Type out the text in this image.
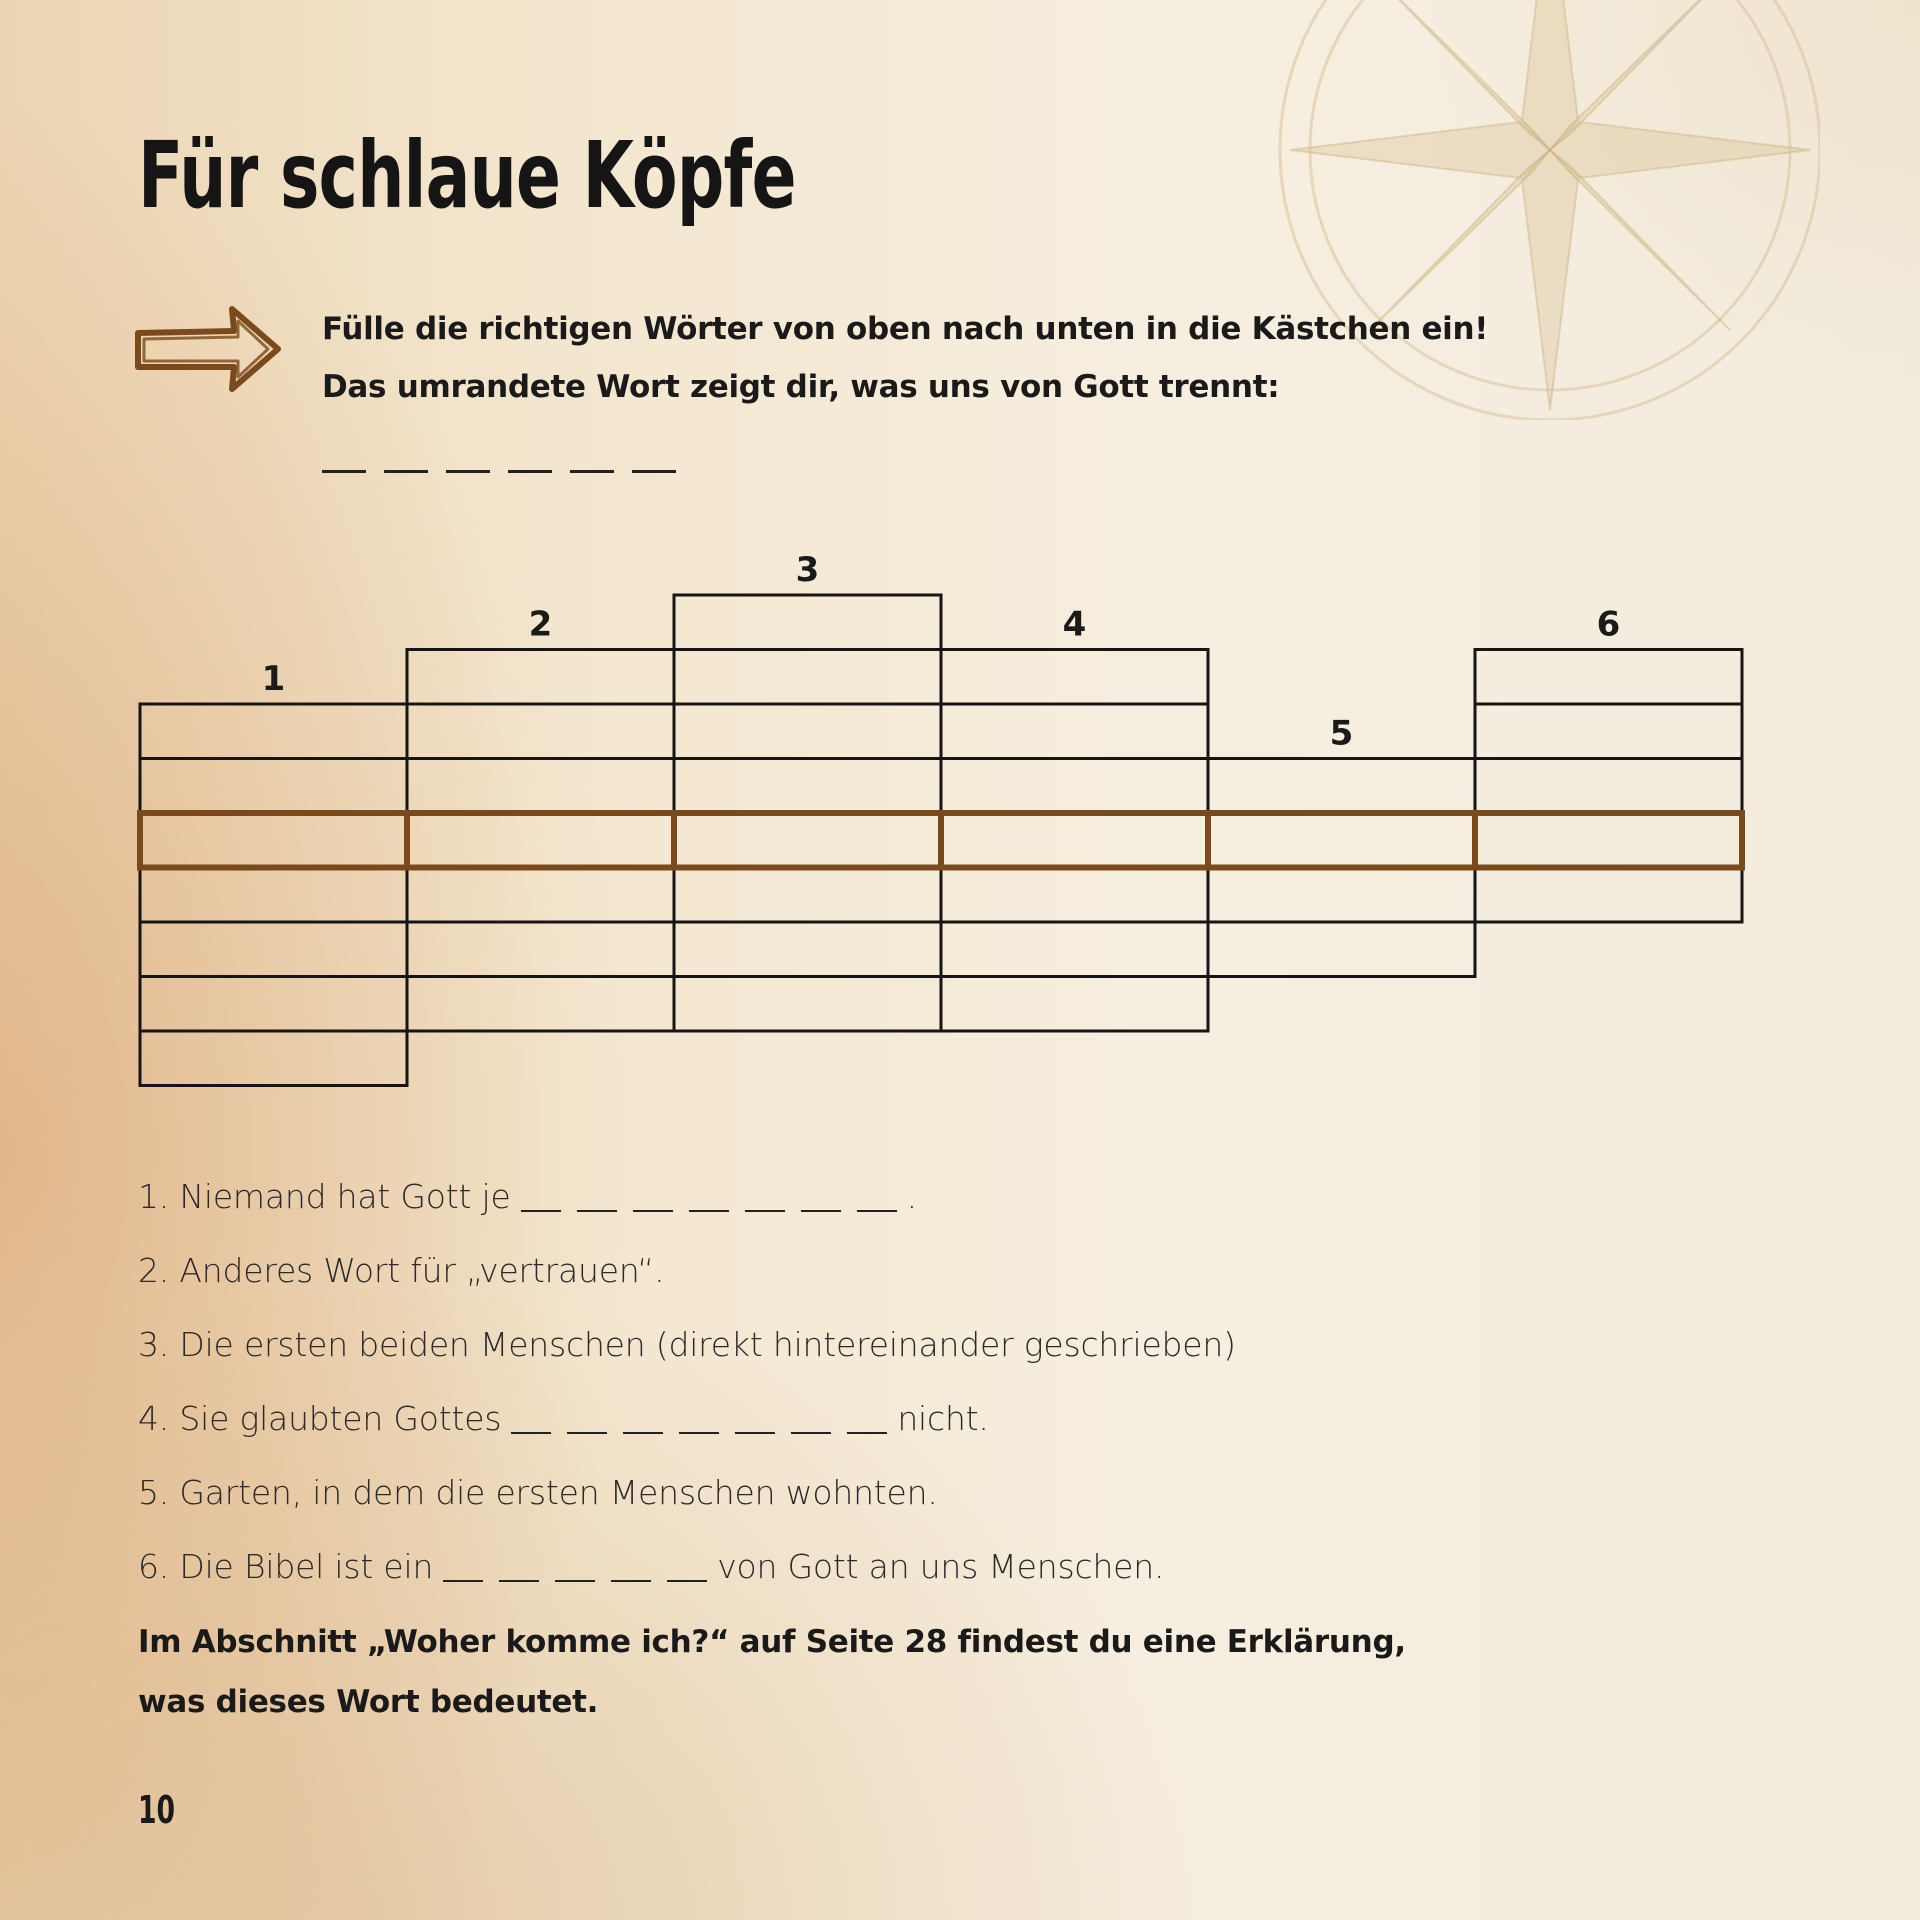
Für schlaue Köpfe
Fülle die richtigen Wörter von oben nach unten in die Kästchen ein!
Das umrandete Wort zeigt dir, was uns von Gott trennt:
1
2
3
4
5
6
1. Niemand hat Gott je	.
2. Anderes Wort für „vertrauen“.
3. Die ersten beiden Menschen (direkt hintereinander geschrieben)
4. Sie glaubten Gottes	nicht.
5. Garten, in dem die ersten Menschen wohnten.
6. Die Bibel ist ein	von Gott an uns Menschen.
Im Abschnitt „Woher komme ich?“ auf Seite 28 findest du eine Erklärung,
was dieses Wort bedeutet.
10
